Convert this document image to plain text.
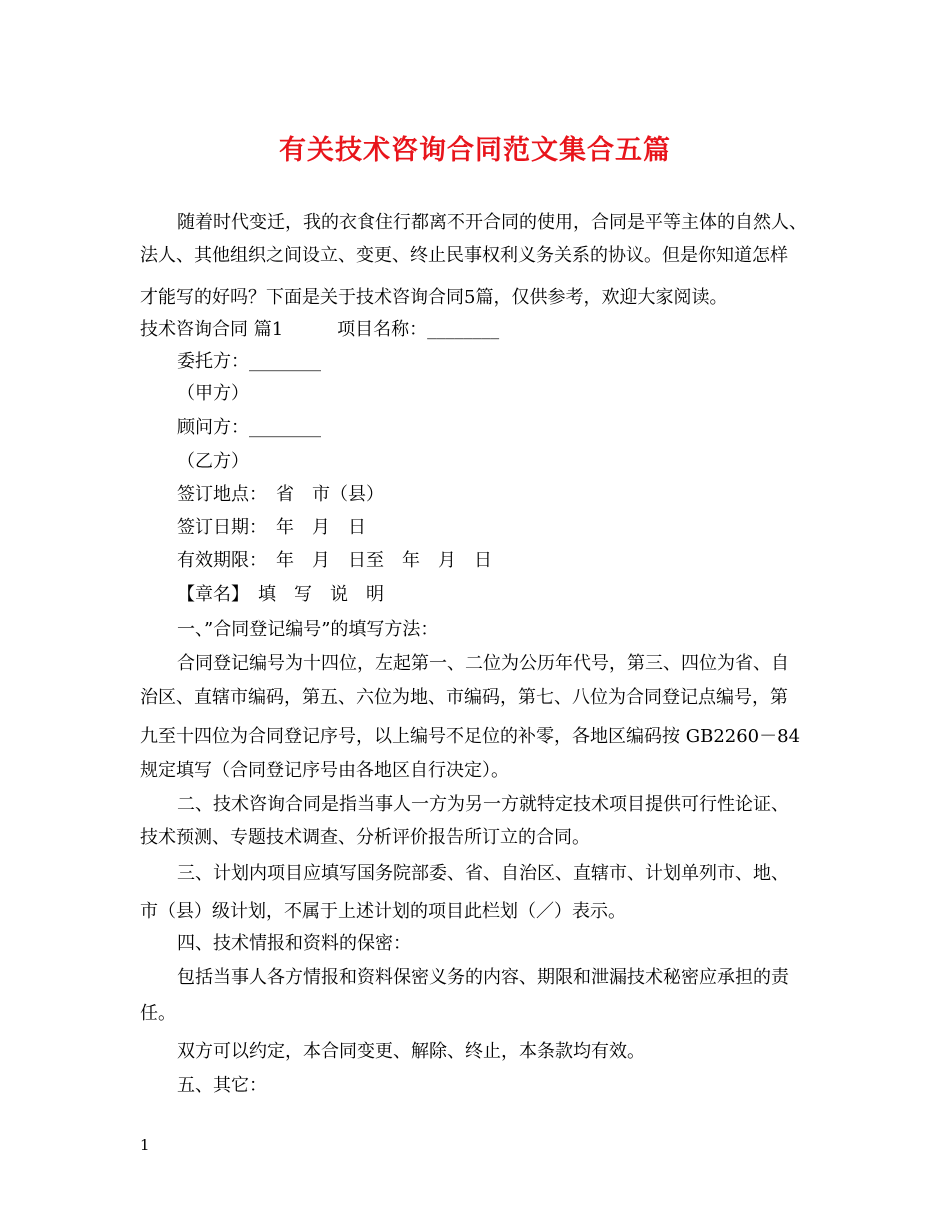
有关技术咨询合同范文集合五篇
随着时代变迁，我的衣食住行都离不开合同的使用，合同是平等主体的自然人、
法人、其他组织之间设立、变更、终止民事权利义务关系的协议。但是你知道怎样
才能写的好吗？下面是关于技术咨询合同5篇，仅供参考，欢迎大家阅读。
技术咨询合同 篇1　　　项目名称：________
委托方：________
（甲方）
顾问方：________
（乙方）
签订地点：　省　市（县）
签订日期：　年　月　日
有效期限：　年　月　日至　年　月　日
【章名】　填　写　说　明
一、”合同登记编号”的填写方法：
合同登记编号为十四位，左起第一、二位为公历年代号，第三、四位为省、自
治区、直辖市编码，第五、六位为地、市编码，第七、八位为合同登记点编号，第
九至十四位为合同登记序号，以上编号不足位的补零，各地区编码按 GB2260－84
规定填写（合同登记序号由各地区自行决定）。
二、技术咨询合同是指当事人一方为另一方就特定技术项目提供可行性论证、
技术预测、专题技术调查、分析评价报告所订立的合同。
三、计划内项目应填写国务院部委、省、自治区、直辖市、计划单列市、地、
市（县）级计划，不属于上述计划的项目此栏划（／）表示。
四、技术情报和资料的保密：
包括当事人各方情报和资料保密义务的内容、期限和泄漏技术秘密应承担的责
任。
双方可以约定，本合同变更、解除、终止，本条款均有效。
五、其它：
1
